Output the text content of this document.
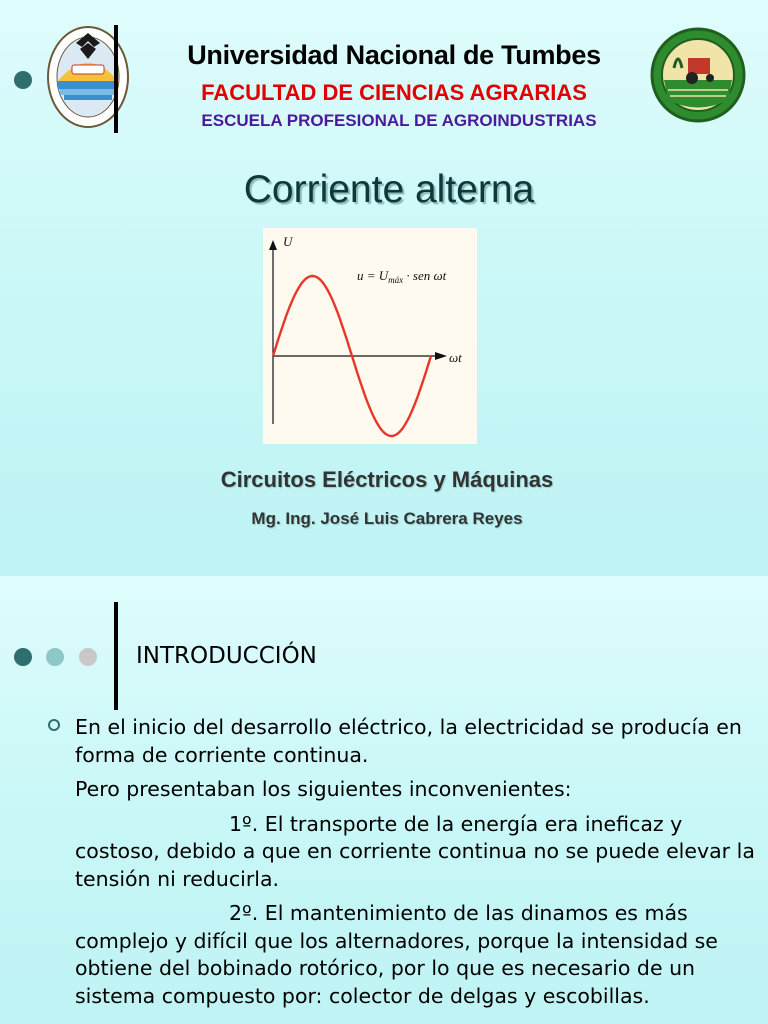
Universidad Nacional de Tumbes
FACULTAD DE CIENCIAS AGRARIAS
ESCUELA PROFESIONAL DE AGROINDUSTRIAS
Corriente alterna
U
ωt
$u = U_{máx}$ · sen ωt
Circuitos Eléctricos y Máquinas
Mg. Ing. José Luis Cabrera Reyes
INTRODUCCIÓN

En el inicio del desarrollo eléctrico, la electricidad se producía en forma de corriente continua.

Pero presentaban los siguientes inconvenientes:

1º. El transporte de la energía era ineficaz y costoso, debido a que en corriente continua no se puede elevar la tensión ni reducirla.

2º. El mantenimiento de las dinamos es más complejo y difícil que los alternadores, porque la intensidad se obtiene del bobinado rotórico, por lo que es necesario de un sistema compuesto por: colector de delgas y escobillas.
